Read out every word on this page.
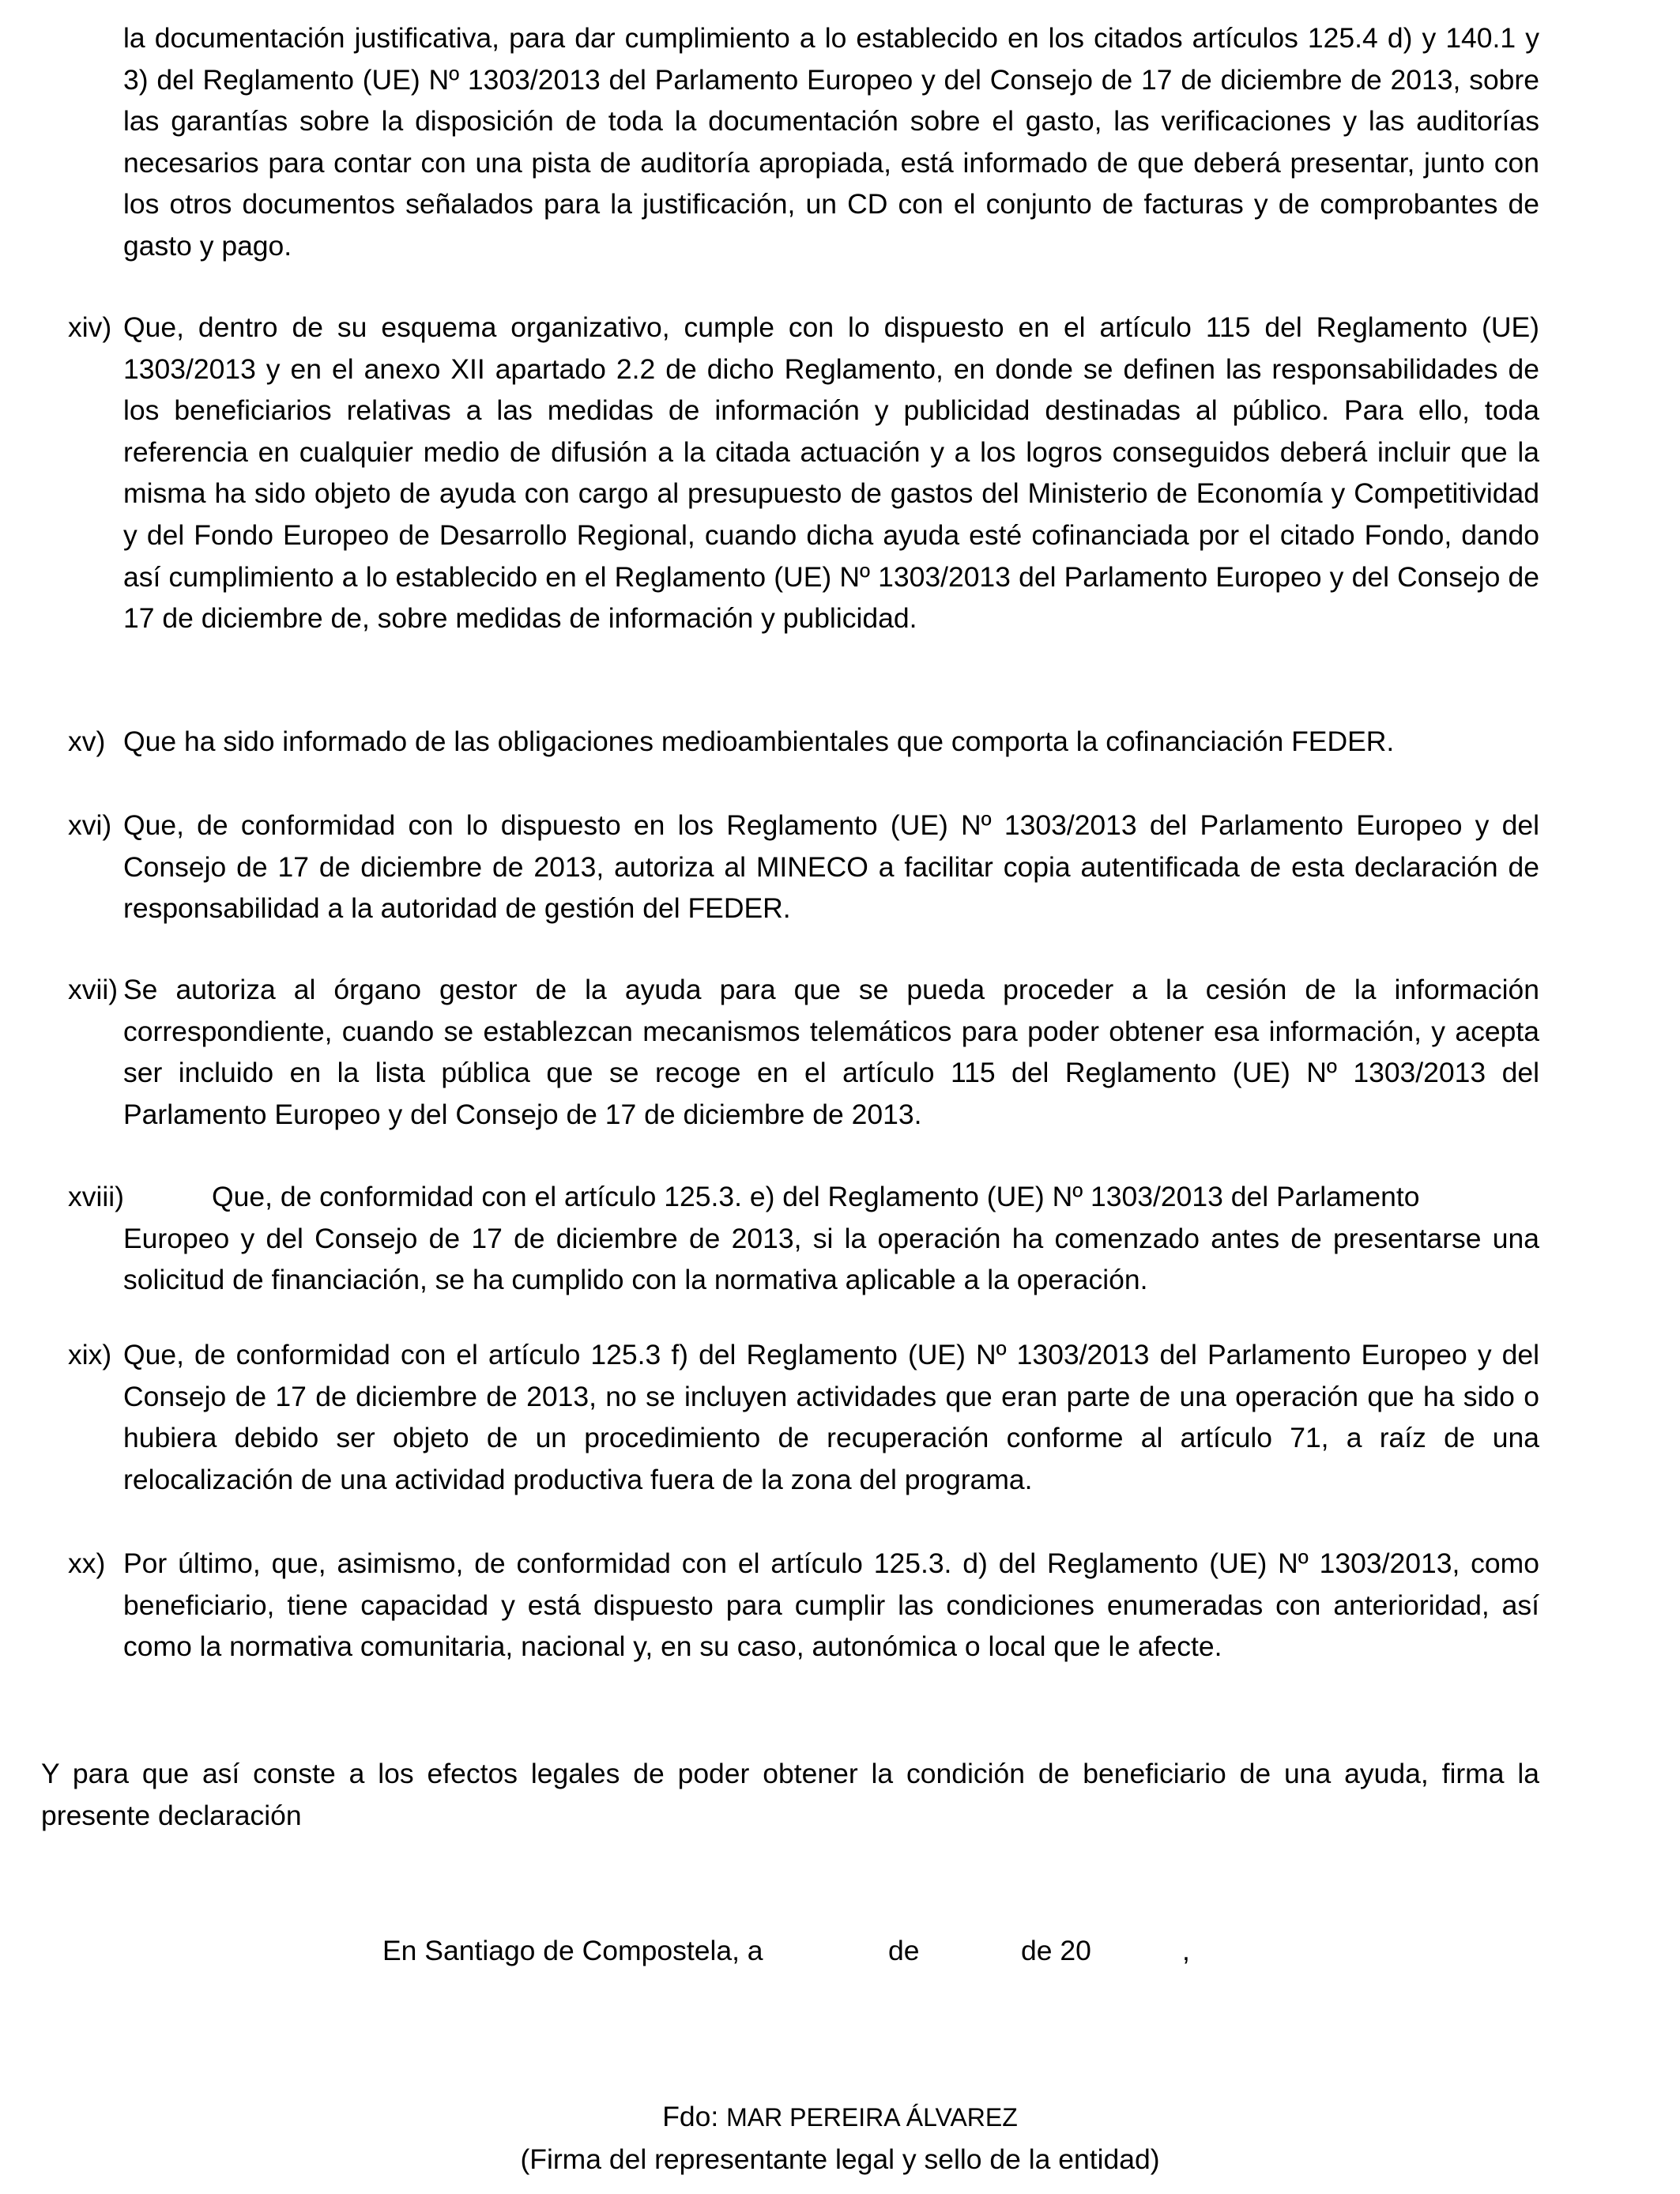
la documentación justificativa, para dar cumplimiento a lo establecido en los citados artículos 125.4 d) y 140.1 y 3) del Reglamento (UE) Nº 1303/2013 del Parlamento Europeo y del Consejo de 17 de diciembre de 2013, sobre las garantías sobre la disposición de toda la documentación sobre el gasto, las verificaciones y las auditorías necesarios para contar con una pista de auditoría apropiada, está informado de que deberá presentar, junto con los otros documentos señalados para la justificación, un CD con el conjunto de facturas y de comprobantes de gasto y pago.
xiv) Que, dentro de su esquema organizativo, cumple con lo dispuesto en el artículo 115 del Reglamento (UE) 1303/2013 y en el anexo XII apartado 2.2 de dicho Reglamento, en donde se definen las responsabilidades de los beneficiarios relativas a las medidas de información y publicidad destinadas al público. Para ello, toda referencia en cualquier medio de difusión a la citada actuación y a los logros conseguidos deberá incluir que la misma ha sido objeto de ayuda con cargo al presupuesto de gastos del Ministerio de Economía y Competitividad y del Fondo Europeo de Desarrollo Regional, cuando dicha ayuda esté cofinanciada por el citado Fondo, dando así cumplimiento a lo establecido en el Reglamento (UE) Nº 1303/2013 del Parlamento Europeo y del Consejo de 17 de diciembre de, sobre medidas de información y publicidad.
xv) Que ha sido informado de las obligaciones medioambientales que comporta la cofinanciación FEDER.
xvi) Que, de conformidad con lo dispuesto en los Reglamento (UE) Nº 1303/2013 del Parlamento Europeo y del Consejo de 17 de diciembre de 2013, autoriza al MINECO a facilitar copia autentificada de esta declaración de responsabilidad a la autoridad de gestión del FEDER.
xvii) Se autoriza al órgano gestor de la ayuda para que se pueda proceder a la cesión de la información correspondiente, cuando se establezcan mecanismos telemáticos para poder obtener esa información, y acepta ser incluido en la lista pública que se recoge en el artículo 115 del Reglamento (UE) Nº 1303/2013 del Parlamento Europeo y del Consejo de 17 de diciembre de 2013.
xviii)	Que, de conformidad con el artículo 125.3. e) del Reglamento (UE) Nº 1303/2013 del Parlamento
Europeo y del Consejo de 17 de diciembre de 2013, si la operación ha comenzado antes de presentarse una solicitud de financiación, se ha cumplido con la normativa aplicable a la operación.
xix) Que, de conformidad con el artículo 125.3 f) del Reglamento (UE) Nº 1303/2013 del Parlamento Europeo y del Consejo de 17 de diciembre de 2013, no se incluyen actividades que eran parte de una operación que ha sido o hubiera debido ser objeto de un procedimiento de recuperación conforme al artículo 71, a raíz de una relocalización de una actividad productiva fuera de la zona del programa.
xx) Por último, que, asimismo, de conformidad con el artículo 125.3. d) del Reglamento (UE) Nº 1303/2013, como beneficiario, tiene capacidad y está dispuesto para cumplir las condiciones enumeradas con anterioridad, así como la normativa comunitaria, nacional y, en su caso, autonómica o local que le afecte.
Y para que así conste a los efectos legales de poder obtener la condición de beneficiario de una ayuda, firma la presente declaración

En Santiago de Compostela, a

	de

	de 20

	,

Fdo: MAR PEREIRA ÁLVAREZ
(Firma del representante legal y sello de la entidad)
